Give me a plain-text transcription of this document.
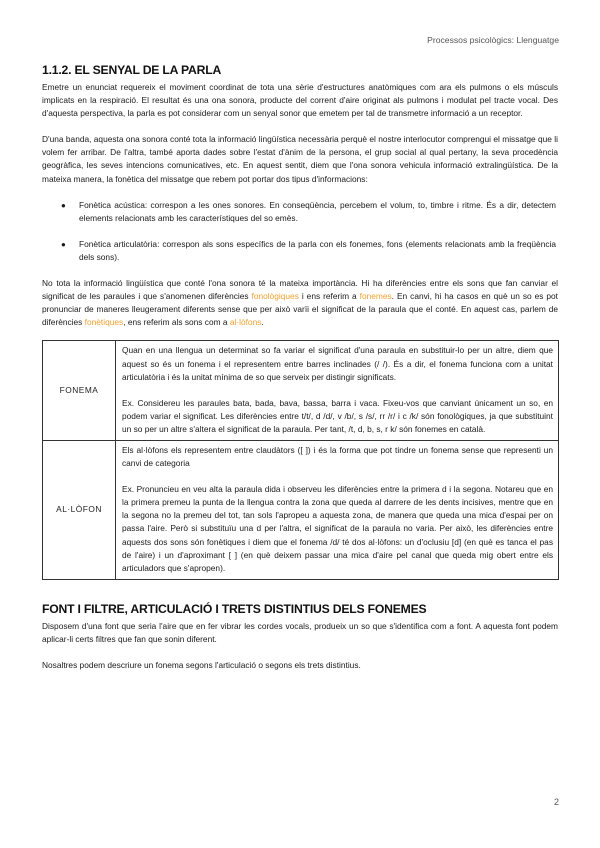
Processos psicològics: Llenguatge
1.1.2. EL SENYAL DE LA PARLA

Emetre un enunciat requereix el moviment coordinat de tota una sèrie d'estructures anatòmiques com ara els pulmons o els músculs implicats en la respiració. El resultat és una ona sonora, producte del corrent d'aire originat als pulmons i modulat pel tracte vocal. Des d'aquesta perspectiva, la parla es pot considerar com un senyal sonor que emetem per tal de transmetre informació a un receptor.

D'una banda, aquesta ona sonora conté tota la informació lingüística necessària perquè el nostre interlocutor comprengui el missatge que li volem fer arribar. De l'altra, també aporta dades sobre l'estat d'ànim de la persona, el grup social al qual pertany, la seva procedència geogràfica, les seves intencions comunicatives, etc. En aquest sentit, diem que l'ona sonora vehicula informació extralingüística. De la mateixa manera, la fonètica del missatge que rebem pot portar dos tipus d'informacions:

● Fonètica acústica: correspon a les ones sonores. En conseqüència, percebem el volum, to, timbre i ritme. És a dir, detectem elements relacionats amb les característiques del so emès.
● Fonètica articulatòria: correspon als sons específics de la parla con els fonemes, fons (elements relacionats amb la freqüència dels sons).

No tota la informació lingüística que conté l'ona sonora té la mateixa importància. Hi ha diferències entre els sons que fan canviar el significat de les paraules i que s'anomenen diferències fonològiques i ens referim a fonemes. En canvi, hi ha casos en què un so es pot pronunciar de maneres lleugerament diferents sense que per això varïi el significat de la paraula que el conté. En aquest cas, parlem de diferències fonètiques, ens referim als sons com a al·lòfons.

FONEMA	Quan en una llengua un determinat so fa variar el significat d'una paraula en substituir-lo per un altre, diem que aquest so és un fonema i el representem entre barres inclinades (/ /). És a dir, el fonema funciona com a unitat articulatòria i és la unitat mínima de so que serveix per distingir significats.

Ex. Considereu les paraules bata, bada, bava, bassa, barra i vaca. Fixeu-vos que canviant únicament un so, en podem variar el significat. Les diferències entre t/t/, d /d/, v /b/, s /s/, rr /r/ i c /k/ són fonològiques, ja que substituint un so per un altre s'altera el significat de la paraula. Per tant, /t, d, b, s, r k/ són fonemes en català.

AL·LÒFON	Els al·lòfons els representem entre claudàtors ([ ]) i és la forma que pot tindre un fonema sense que representi un canvi de categoria

Ex. Pronuncieu en veu alta la paraula dida i observeu les diferències entre la primera d i la segona. Notareu que en la primera premeu la punta de la llengua contra la zona que queda al darrere de les dents incisives, mentre que en la segona no la premeu del tot, tan sols l'apropeu a aquesta zona, de manera que queda una mica d'espai per on passa l'aire. Però si substituïu una d per l'altra, el significat de la paraula no varia. Per això, les diferències entre aquests dos sons són fonètiques i diem que el fonema /d/ té dos al·lòfons: un d'oclusiu [d] (en què es tanca el pas de l'aire) i un d'aproximant [ ] (en què deixem passar una mica d'aire pel canal que queda mig obert entre els articuladors que s'apropen).

FONT I FILTRE, ARTICULACIÓ I TRETS DISTINTIUS DELS FONEMES

Disposem d'una font que seria l'aire que en fer vibrar les cordes vocals, produeix un so que s'identifica com a font. A aquesta font podem aplicar-li certs filtres que fan que sonin diferent.

Nosaltres podem descriure un fonema segons l'articulació o segons els trets distintius.

2
